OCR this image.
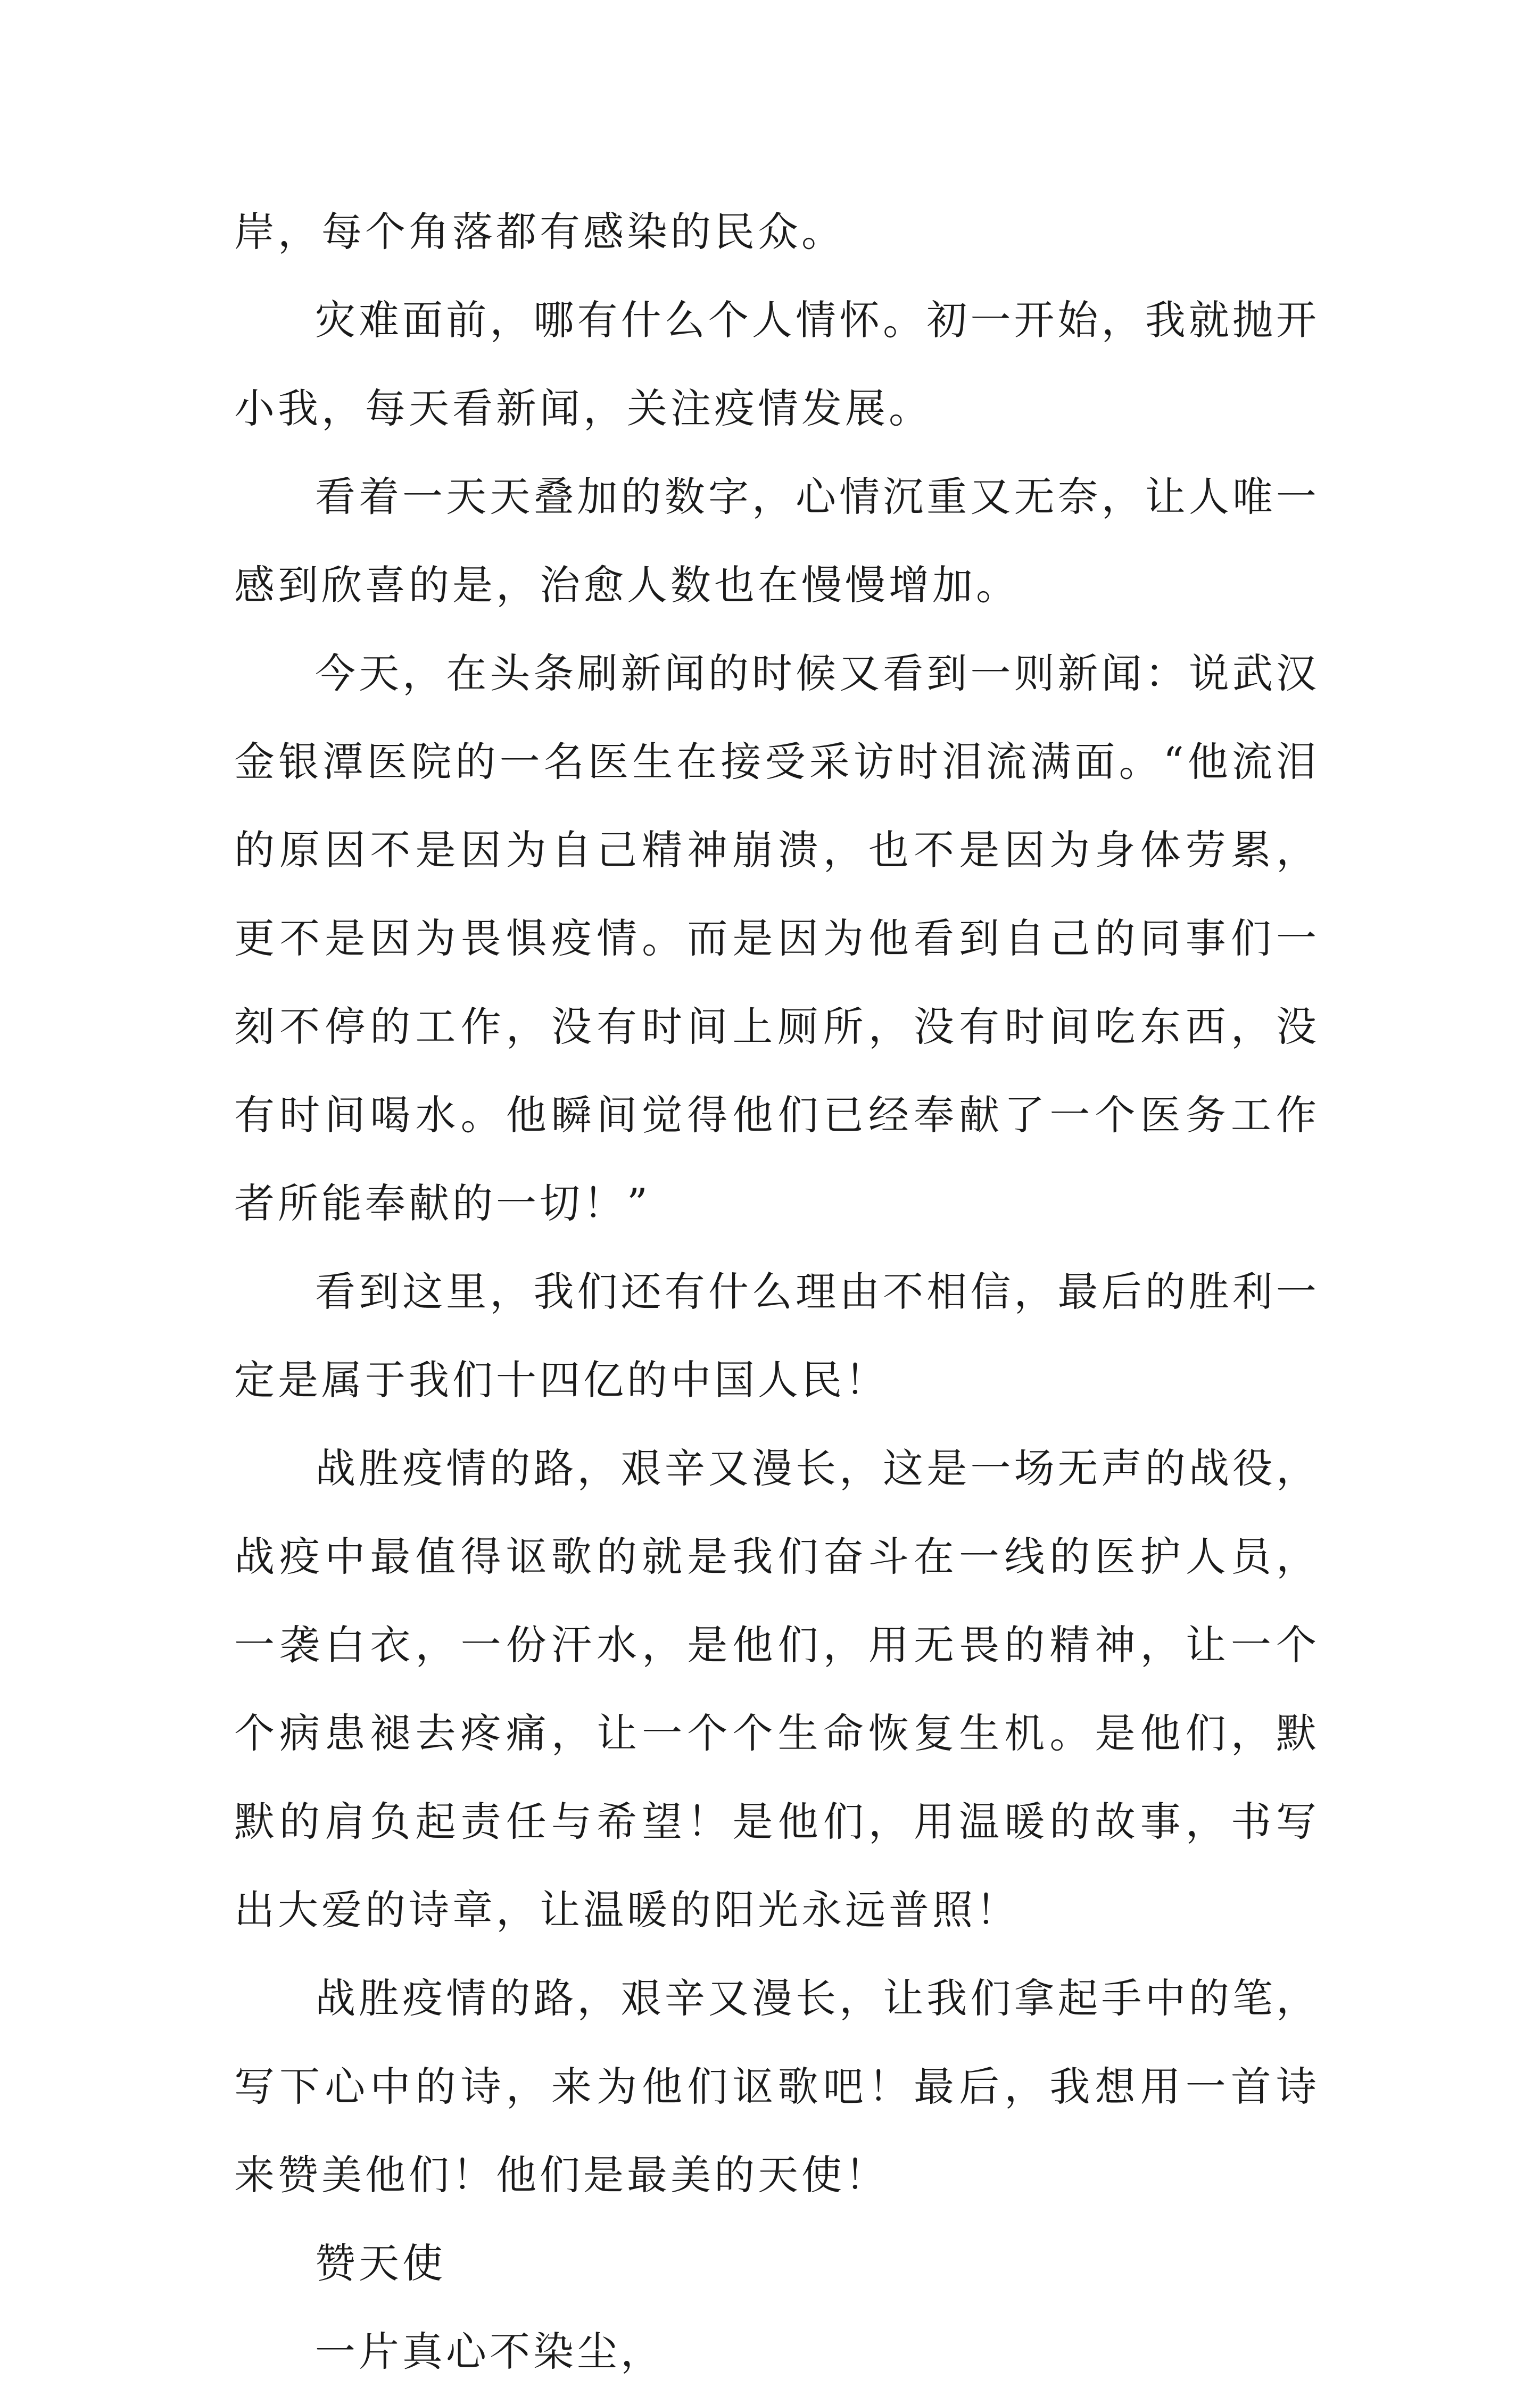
岸，每个角落都有感染的民众。

灾难面前，哪有什么个人情怀。初一开始，我就抛开小我，每天看新闻，关注疫情发展。

看着一天天叠加的数字，心情沉重又无奈，让人唯一感到欣喜的是，治愈人数也在慢慢增加。

今天，在头条刷新闻的时候又看到一则新闻：说武汉金银潭医院的一名医生在接受采访时泪流满面。“他流泪的原因不是因为自己精神崩溃，也不是因为身体劳累，更不是因为畏惧疫情。而是因为他看到自己的同事们一刻不停的工作，没有时间上厕所，没有时间吃东西，没有时间喝水。他瞬间觉得他们已经奉献了一个医务工作者所能奉献的一切！”

看到这里，我们还有什么理由不相信，最后的胜利一定是属于我们十四亿的中国人民！

战胜疫情的路，艰辛又漫长，这是一场无声的战役，战疫中最值得讴歌的就是我们奋斗在一线的医护人员，一袭白衣，一份汗水，是他们，用无畏的精神，让一个个病患褪去疼痛，让一个个生命恢复生机。是他们，默默的肩负起责任与希望！是他们，用温暖的故事，书写出大爱的诗章，让温暖的阳光永远普照！

战胜疫情的路，艰辛又漫长，让我们拿起手中的笔，写下心中的诗，来为他们讴歌吧！最后，我想用一首诗来赞美他们！他们是最美的天使！

赞天使

一片真心不染尘，
